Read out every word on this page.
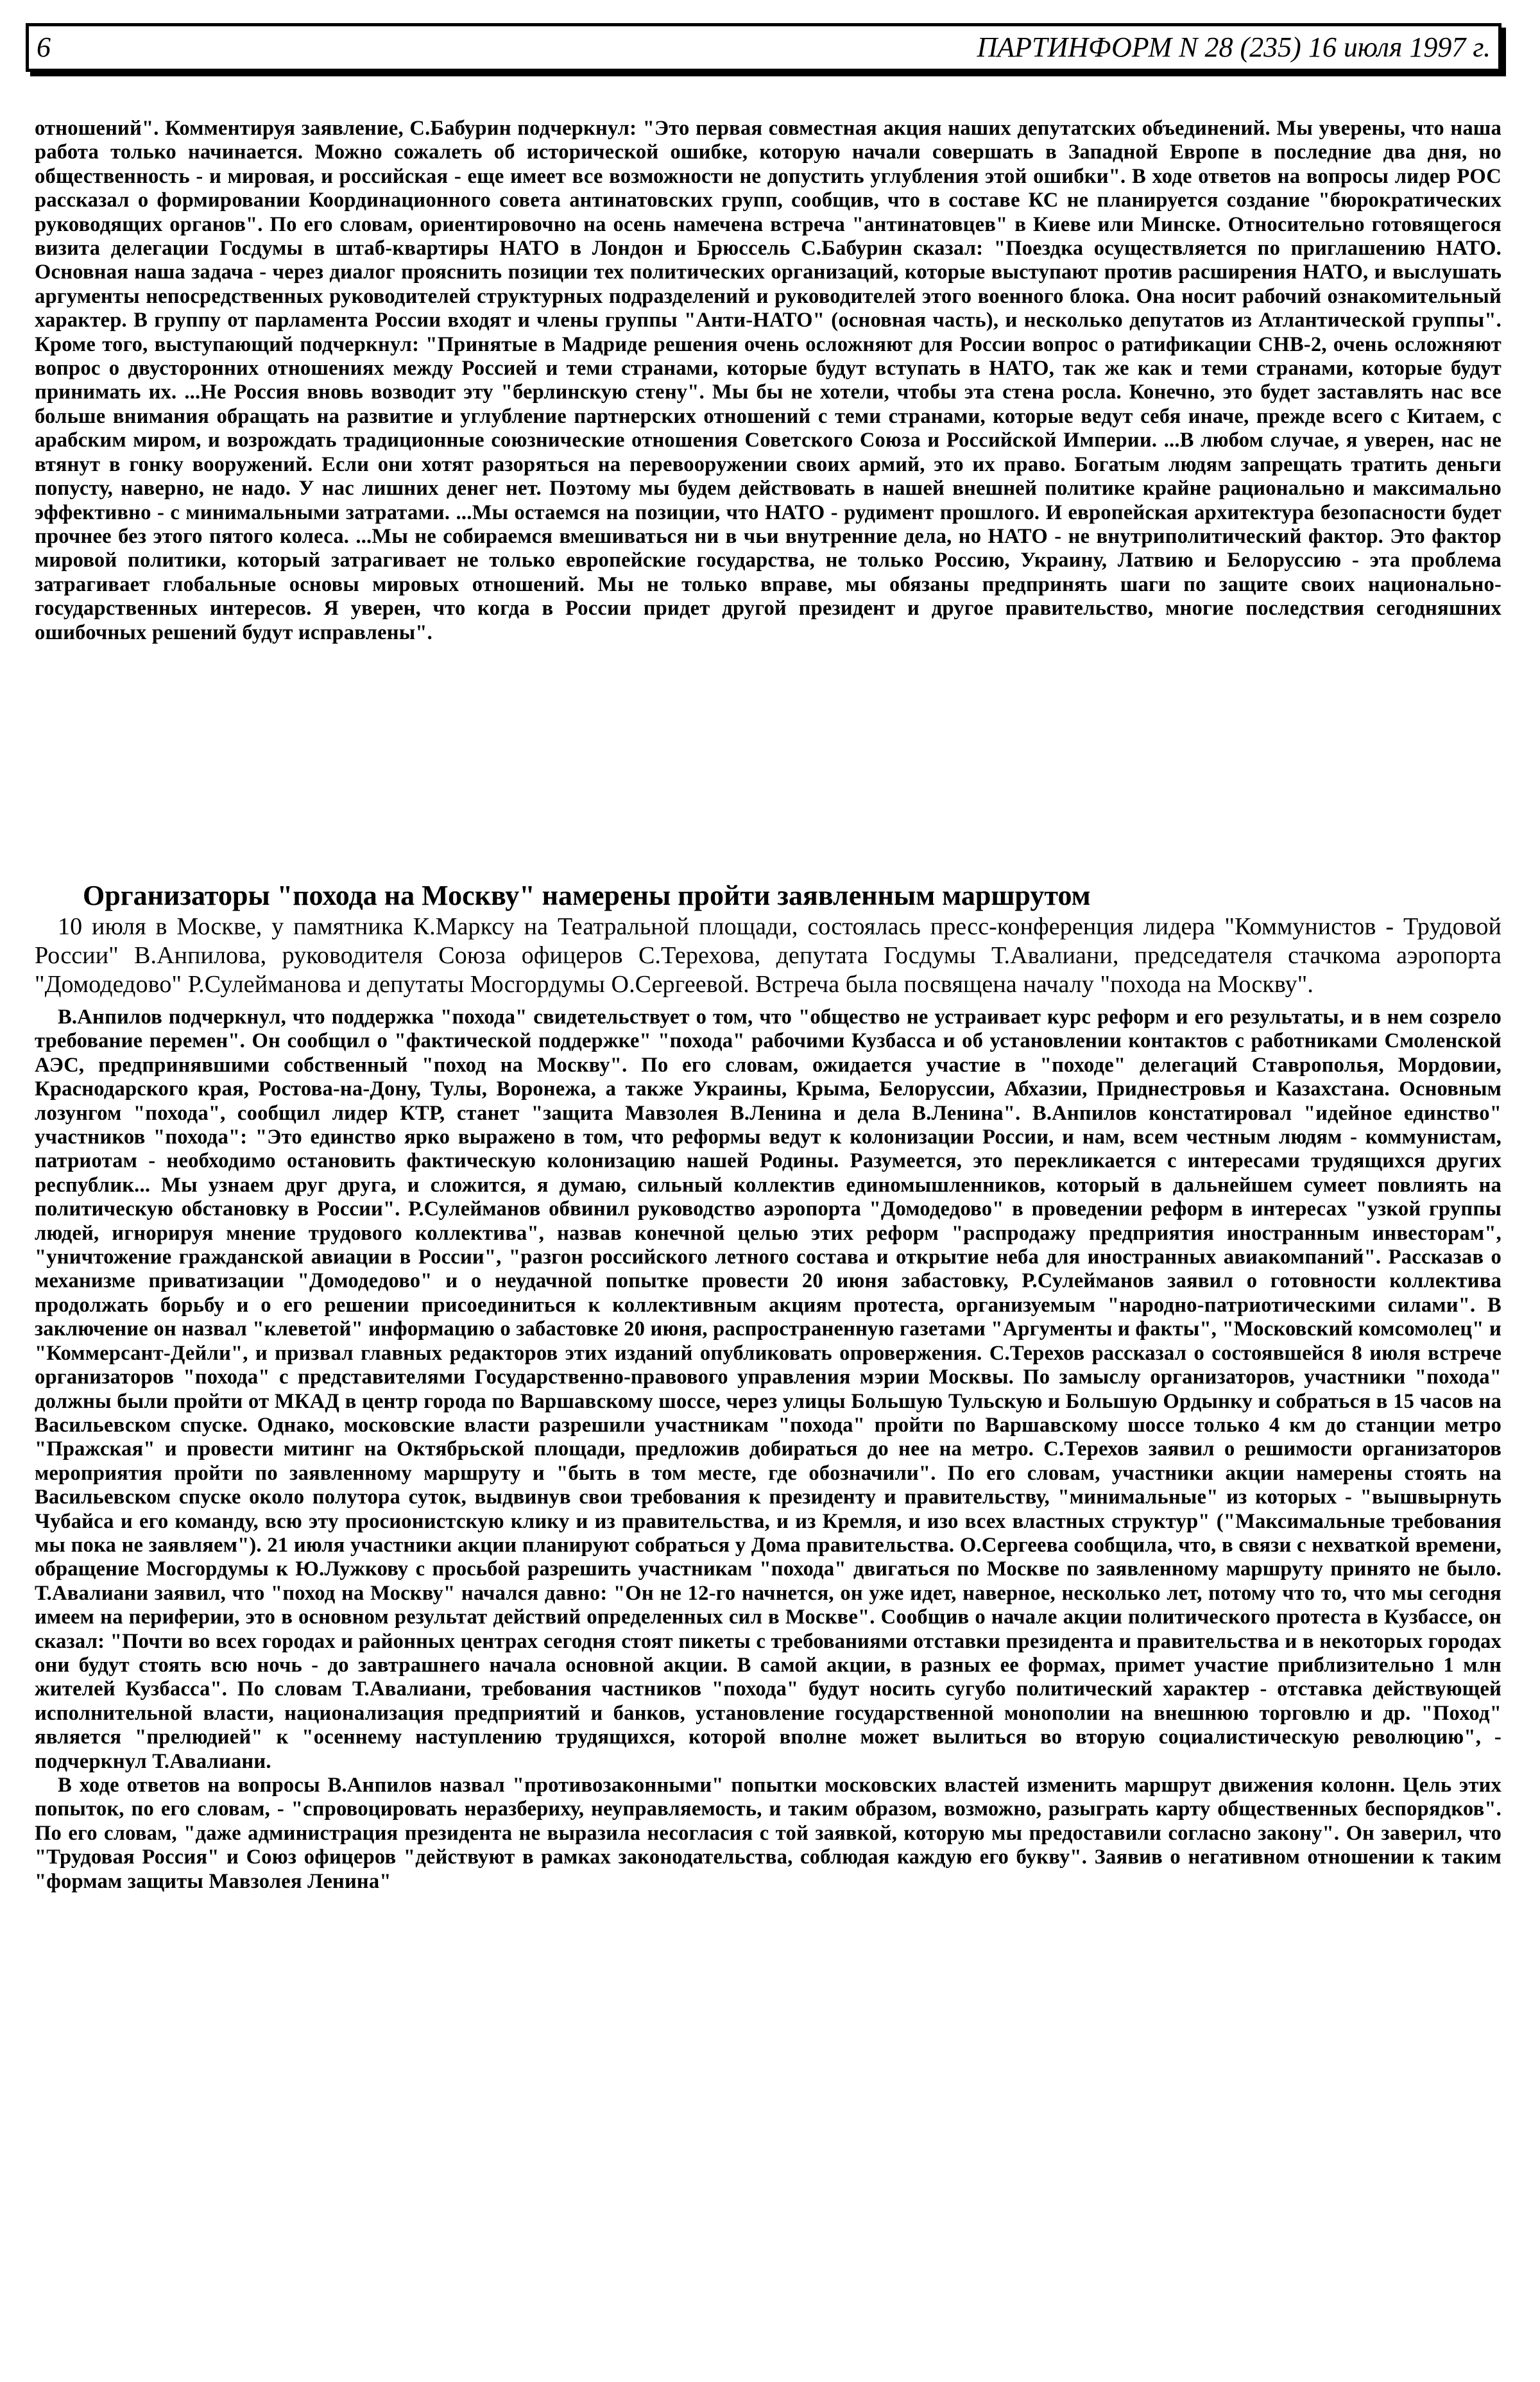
6	ПАРТИНФОРМ N 28 (235) 16 июля 1997 г.

отношений". Комментируя заявление, С.Бабурин подчеркнул: "Это первая совместная акция наших депутатских объединений. Мы уверены, что наша работа только начинается. Можно сожалеть об исторической ошибке, которую начали совершать в Западной Европе в последние два дня, но общественность - и мировая, и российская - еще имеет все возможности не допустить углубления этой ошибки". В ходе ответов на вопросы лидер РОС рассказал о формировании Координационного совета антинатовских групп, сообщив, что в составе КС не планируется создание "бюрократических руководящих органов". По его словам, ориентировочно на осень намечена встреча "антинатовцев" в Киеве или Минске. Относительно готовящегося визита делегации Госдумы в штаб-квартиры НАТО в Лондон и Брюссель С.Бабурин сказал: "Поездка осуществляется по приглашению НАТО. Основная наша задача - через диалог прояснить позиции тех политических организаций, которые выступают против расширения НАТО, и выслушать аргументы непосредственных руководителей структурных подразделений и руководителей этого военного блока. Она носит рабочий ознакомительный характер. В группу от парламента России входят и члены группы "Анти-НАТО" (основная часть), и несколько депутатов из Атлантической группы". Кроме того, выступающий подчеркнул: "Принятые в Мадриде решения очень осложняют для России вопрос о ратификации СНВ-2, очень осложняют вопрос о двусторонних отношениях между Россией и теми странами, которые будут вступать в НАТО, так же как и теми странами, которые будут принимать их. ...Не Россия вновь возводит эту "берлинскую стену". Мы бы не хотели, чтобы эта стена росла. Конечно, это будет заставлять нас все больше внимания обращать на развитие и углубление партнерских отношений с теми странами, которые ведут себя иначе, прежде всего с Китаем, с арабским миром, и возрождать традиционные союзнические отношения Советского Союза и Российской Империи. ...В любом случае, я уверен, нас не втянут в гонку вооружений. Если они хотят разоряться на перевооружении своих армий, это их право. Богатым людям запрещать тратить деньги попусту, наверно, не надо. У нас лишних денег нет. Поэтому мы будем действовать в нашей внешней политике крайне рационально и максимально эффективно - с минимальными затратами. ...Мы остаемся на позиции, что НАТО - рудимент прошлого. И европейская архитектура безопасности будет прочнее без этого пятого колеса. ...Мы не собираемся вмешиваться ни в чьи внутренние дела, но НАТО - не внутриполитический фактор. Это фактор мировой политики, который затрагивает не только европейские государства, не только Россию, Украину, Латвию и Белоруссию - эта проблема затрагивает глобальные основы мировых отношений. Мы не только вправе, мы обязаны предпринять шаги по защите своих национально-государственных интересов. Я уверен, что когда в России придет другой президент и другое правительство, многие последствия сегодняшних ошибочных решений будут исправлены".

Организаторы "похода на Москву" намерены пройти заявленным маршрутом

10 июля в Москве, у памятника К.Марксу на Театральной площади, состоялась пресс-конференция лидера "Коммунистов - Трудовой России" В.Анпилова, руководителя Союза офицеров С.Терехова, депутата Госдумы Т.Авалиани, председателя стачкома аэропорта "Домодедово" Р.Сулейманова и депутаты Мосгордумы О.Сергеевой. Встреча была посвящена началу "похода на Москву".

В.Анпилов подчеркнул, что поддержка "похода" свидетельствует о том, что "общество не устраивает курс реформ и его результаты, и в нем созрело требование перемен". Он сообщил о "фактической поддержке" "похода" рабочими Кузбасса и об установлении контактов с работниками Смоленской АЭС, предпринявшими собственный "поход на Москву". По его словам, ожидается участие в "походе" делегаций Ставрополья, Мордовии, Краснодарского края, Ростова-на-Дону, Тулы, Воронежа, а также Украины, Крыма, Белоруссии, Абхазии, Приднестровья и Казахстана. Основным лозунгом "похода", сообщил лидер КТР, станет "защита Мавзолея В.Ленина и дела В.Ленина". В.Анпилов констатировал "идейное единство" участников "похода": "Это единство ярко выражено в том, что реформы ведут к колонизации России, и нам, всем честным людям - коммунистам, патриотам - необходимо остановить фактическую колонизацию нашей Родины. Разумеется, это перекликается с интересами трудящихся других республик... Мы узнаем друг друга, и сложится, я думаю, сильный коллектив единомышленников, который в дальнейшем сумеет повлиять на политическую обстановку в России". Р.Сулейманов обвинил руководство аэропорта "Домодедово" в проведении реформ в интересах "узкой группы людей, игнорируя мнение трудового коллектива", назвав конечной целью этих реформ "распродажу предприятия иностранным инвесторам", "уничтожение гражданской авиации в России", "разгон российского летного состава и открытие неба для иностранных авиакомпаний". Рассказав о механизме приватизации "Домодедово" и о неудачной попытке провести 20 июня забастовку, Р.Сулейманов заявил о готовности коллектива продолжать борьбу и о его решении присоединиться к коллективным акциям протеста, организуемым "народно-патриотическими силами". В заключение он назвал "клеветой" информацию о забастовке 20 июня, распространенную газетами "Аргументы и факты", "Московский комсомолец" и "Коммерсант-Дейли", и призвал главных редакторов этих изданий опубликовать опровержения. С.Терехов рассказал о состоявшейся 8 июля встрече организаторов "похода" с представителями Государственно-правового управления мэрии Москвы. По замыслу организаторов, участники "похода" должны были пройти от МКАД в центр города по Варшавскому шоссе, через улицы Большую Тульскую и Большую Ордынку и собраться в 15 часов на Васильевском спуске. Однако, московские власти разрешили участникам "похода" пройти по Варшавскому шоссе только 4 км до станции метро "Пражская" и провести митинг на Октябрьской площади, предложив добираться до нее на метро. С.Терехов заявил о решимости организаторов мероприятия пройти по заявленному маршруту и "быть в том месте, где обозначили". По его словам, участники акции намерены стоять на Васильевском спуске около полутора суток, выдвинув свои требования к президенту и правительству, "минимальные" из которых - "вышвырнуть Чубайса и его команду, всю эту просионистскую клику и из правительства, и из Кремля, и изо всех властных структур" ("Максимальные требования мы пока не заявляем"). 21 июля участники акции планируют собраться у Дома правительства. О.Сергеева сообщила, что, в связи с нехваткой времени, обращение Мосгордумы к Ю.Лужкову с просьбой разрешить участникам "похода" двигаться по Москве по заявленному маршруту принято не было. Т.Авалиани заявил, что "поход на Москву" начался давно: "Он не 12-го начнется, он уже идет, наверное, несколько лет, потому что то, что мы сегодня имеем на периферии, это в основном результат действий определенных сил в Москве". Сообщив о начале акции политического протеста в Кузбассе, он сказал: "Почти во всех городах и районных центрах сегодня стоят пикеты с требованиями отставки президента и правительства и в некоторых городах они будут стоять всю ночь - до завтрашнего начала основной акции. В самой акции, в разных ее формах, примет участие приблизительно 1 млн жителей Кузбасса". По словам Т.Авалиани, требования частников "похода" будут носить сугубо политический характер - отставка действующей исполнительной власти, национализация предприятий и банков, установление государственной монополии на внешнюю торговлю и др. "Поход" является "прелюдией" к "осеннему наступлению трудящихся, которой вполне может вылиться во вторую социалистическую революцию", - подчеркнул Т.Авалиани.

В ходе ответов на вопросы В.Анпилов назвал "противозаконными" попытки московских властей изменить маршрут движения колонн. Цель этих попыток, по его словам, - "спровоцировать неразбериху, неуправляемость, и таким образом, возможно, разыграть карту общественных беспорядков". По его словам, "даже администрация президента не выразила несогласия с той заявкой, которую мы предоставили согласно закону". Он заверил, что "Трудовая Россия" и Союз офицеров "действуют в рамках законодательства, соблюдая каждую его букву". Заявив о негативном отношении к таким "формам защиты Мавзолея Ленина"
